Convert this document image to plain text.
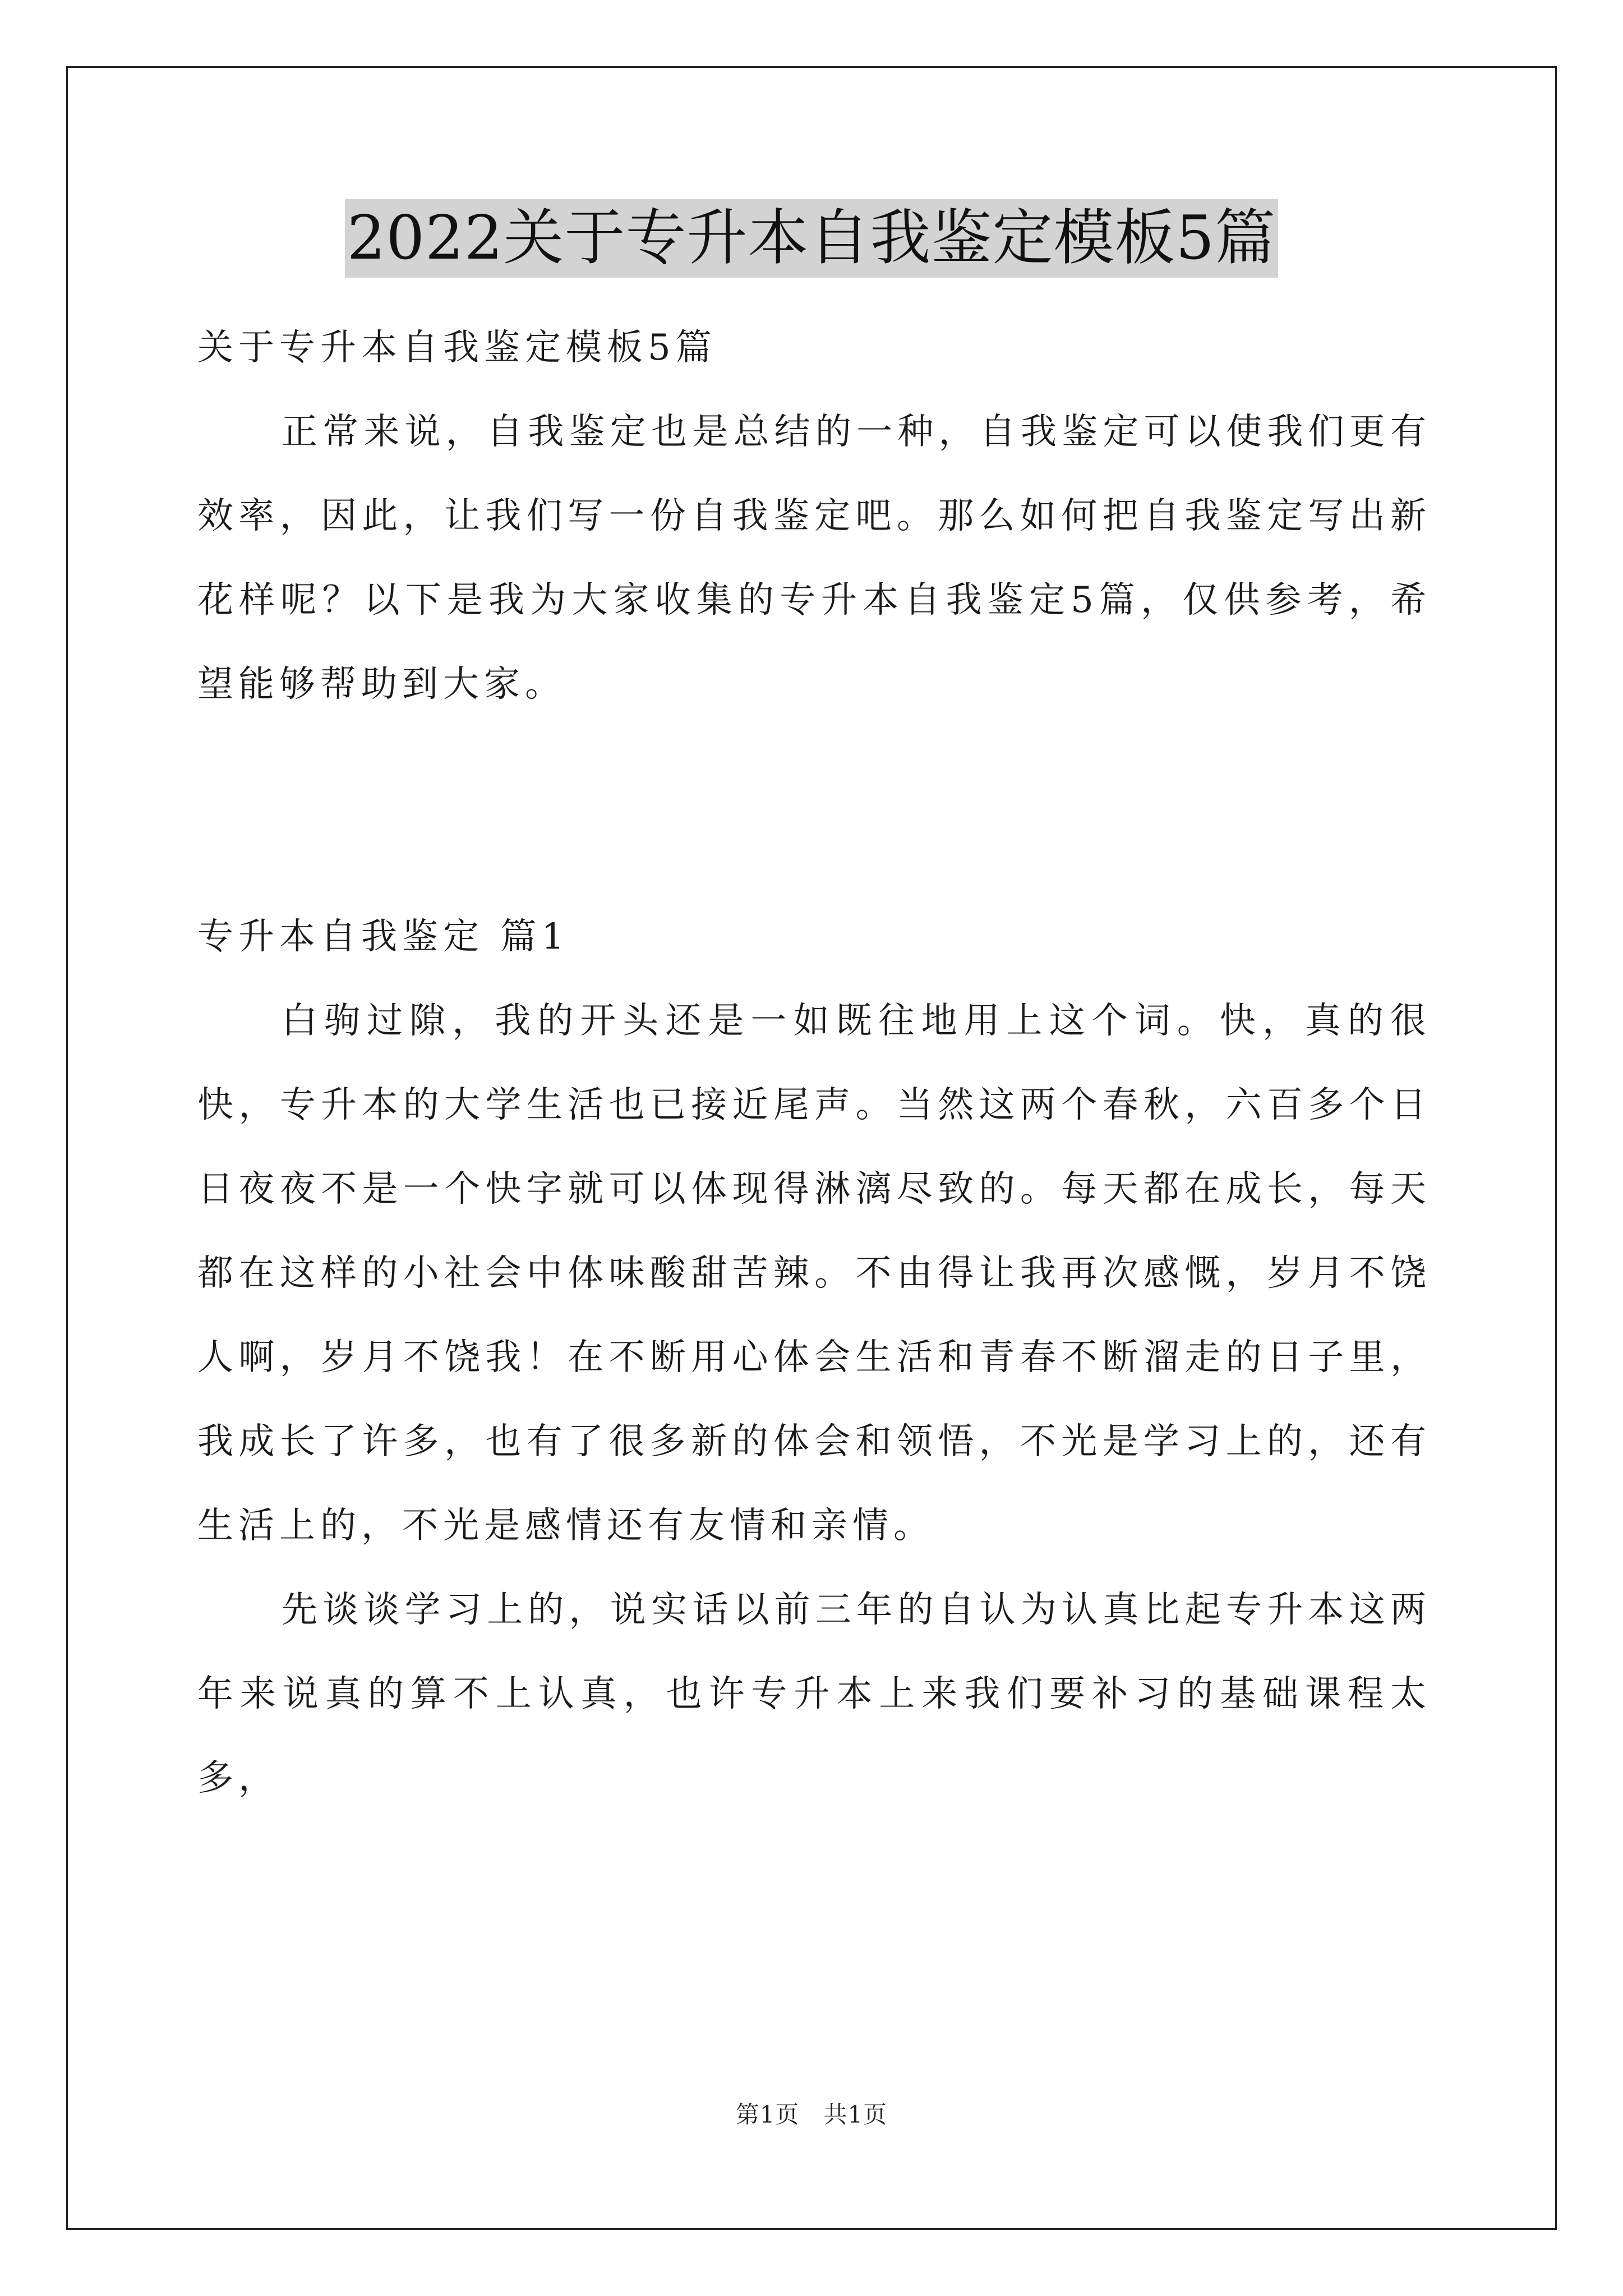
2022关于专升本自我鉴定模板5篇

关于专升本自我鉴定模板5篇

正常来说，自我鉴定也是总结的一种，自我鉴定可以使我们更有效率，因此，让我们写一份自我鉴定吧。那么如何把自我鉴定写出新花样呢？以下是我为大家收集的专升本自我鉴定5篇，仅供参考，希望能够帮助到大家。

专升本自我鉴定 篇1

白驹过隙，我的开头还是一如既往地用上这个词。快，真的很快，专升本的大学生活也已接近尾声。当然这两个春秋，六百多个日日夜夜不是一个快字就可以体现得淋漓尽致的。每天都在成长，每天都在这样的小社会中体味酸甜苦辣。不由得让我再次感慨，岁月不饶人啊，岁月不饶我！在不断用心体会生活和青春不断溜走的日子里，我成长了许多，也有了很多新的体会和领悟，不光是学习上的，还有生活上的，不光是感情还有友情和亲情。

先谈谈学习上的，说实话以前三年的自认为认真比起专升本这两年来说真的算不上认真，也许专升本上来我们要补习的基础课程太多，

第1页　共1页
